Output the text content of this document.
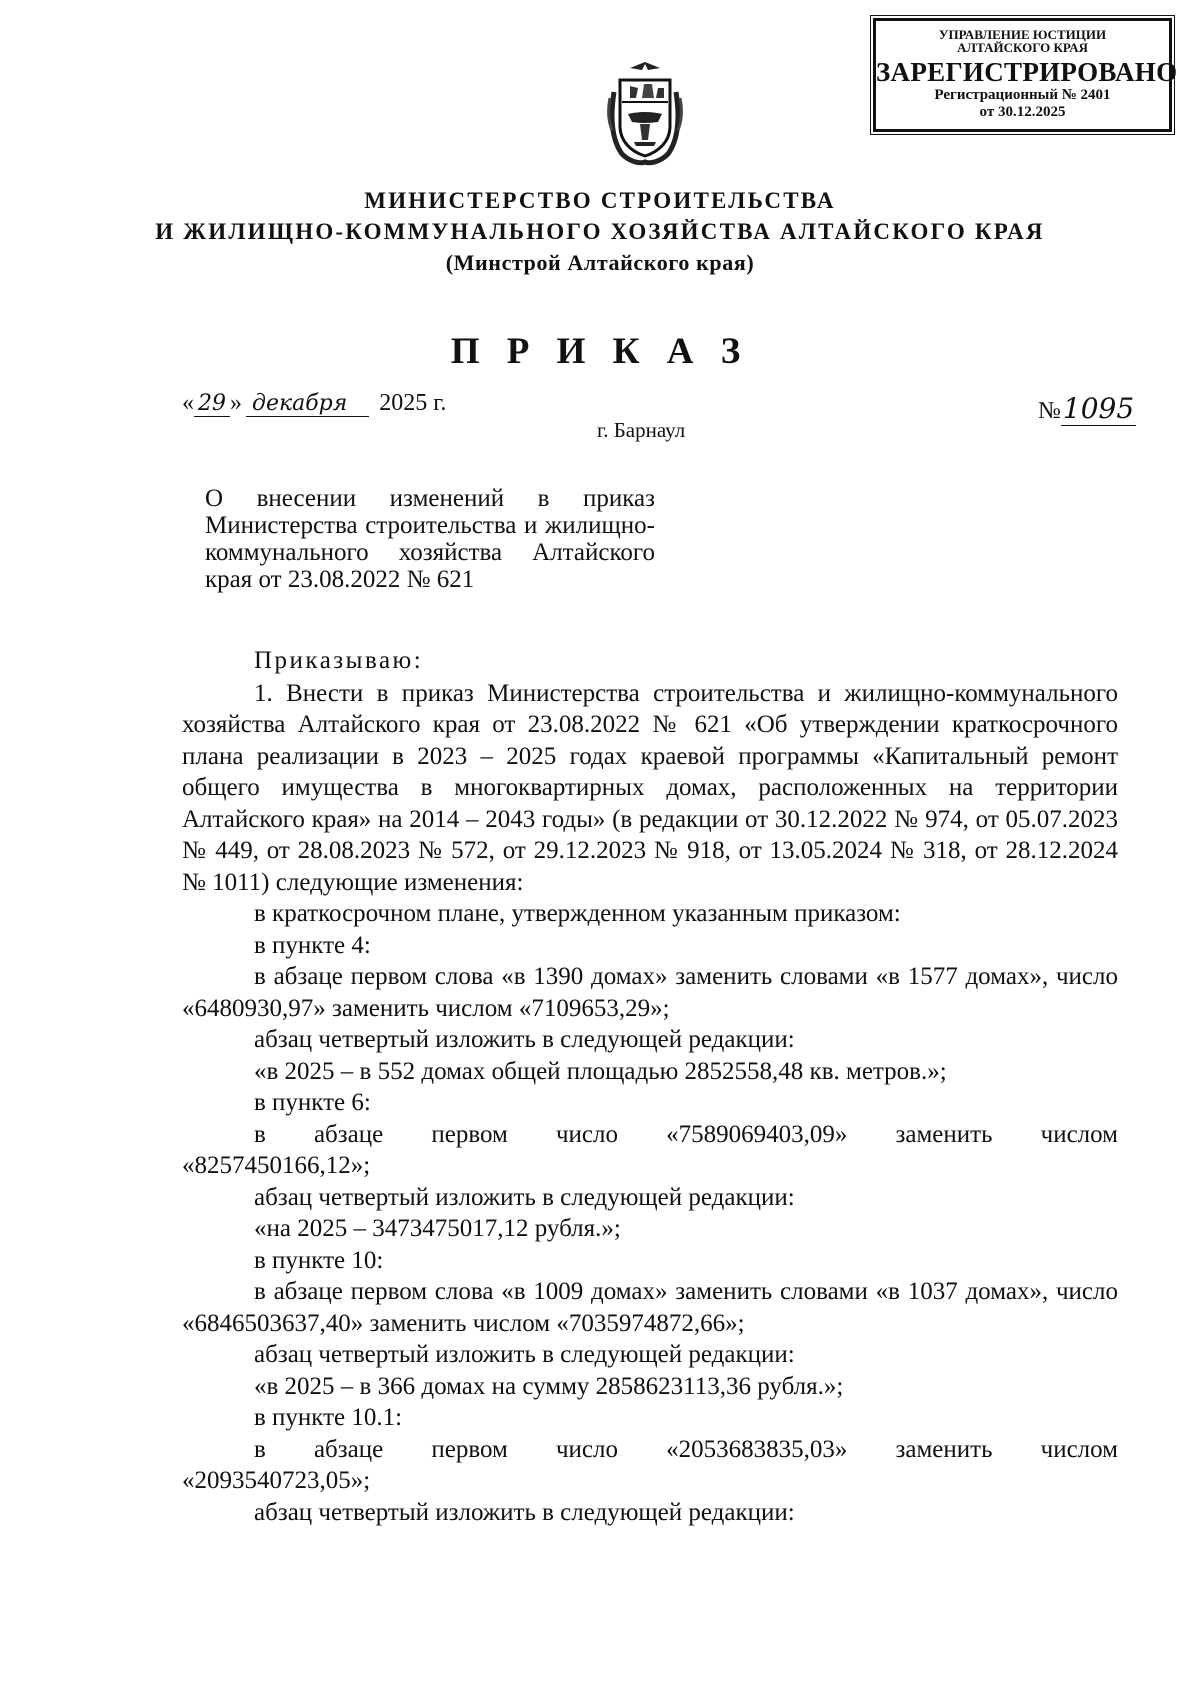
УПРАВЛЕНИЕ ЮСТИЦИИ АЛТАЙСКОГО КРАЯ
ЗАРЕГИСТРИРОВАНО
Регистрационный № 2401
от 30.12.2025
МИНИСТЕРСТВО СТРОИТЕЛЬСТВА
И ЖИЛИЩНО-КОММУНАЛЬНОГО ХОЗЯЙСТВА АЛТАЙСКОГО КРАЯ
(Минстрой Алтайского края)
П Р И К А З
« 29 » декабря 2025 г.
г. Барнаул
№1095
О внесении изменений в приказ Министерства строительства и жилищно-коммунального хозяйства Алтайского края от 23.08.2022 № 621

Приказываю:

1. Внести в приказ Министерства строительства и жилищно-коммунального хозяйства Алтайского края от 23.08.2022 № 621 «Об утверждении краткосрочного плана реализации в 2023 – 2025 годах краевой программы «Капитальный ремонт общего имущества в многоквартирных домах, расположенных на территории Алтайского края» на 2014 – 2043 годы» (в редакции от 30.12.2022 № 974, от 05.07.2023 № 449, от 28.08.2023 № 572, от 29.12.2023 № 918, от 13.05.2024 № 318, от 28.12.2024 № 1011) следующие изменения:

в краткосрочном плане, утвержденном указанным приказом:

в пункте 4:

в абзаце первом слова «в 1390 домах» заменить словами «в 1577 домах», число «6480930,97» заменить числом «7109653,29»;

абзац четвертый изложить в следующей редакции:

«в 2025 – в 552 домах общей площадью 2852558,48 кв. метров.»;

в пункте 6:

в абзаце первом число «7589069403,09» заменить числом «8257450166,12»;

абзац четвертый изложить в следующей редакции:

«на 2025 – 3473475017,12 рубля.»;

в пункте 10:

в абзаце первом слова «в 1009 домах» заменить словами «в 1037 домах», число «6846503637,40» заменить числом «7035974872,66»;

абзац четвертый изложить в следующей редакции:

«в 2025 – в 366 домах на сумму 2858623113,36 рубля.»;

в пункте 10.1:

в абзаце первом число «2053683835,03» заменить числом «2093540723,05»;

абзац четвертый изложить в следующей редакции:
